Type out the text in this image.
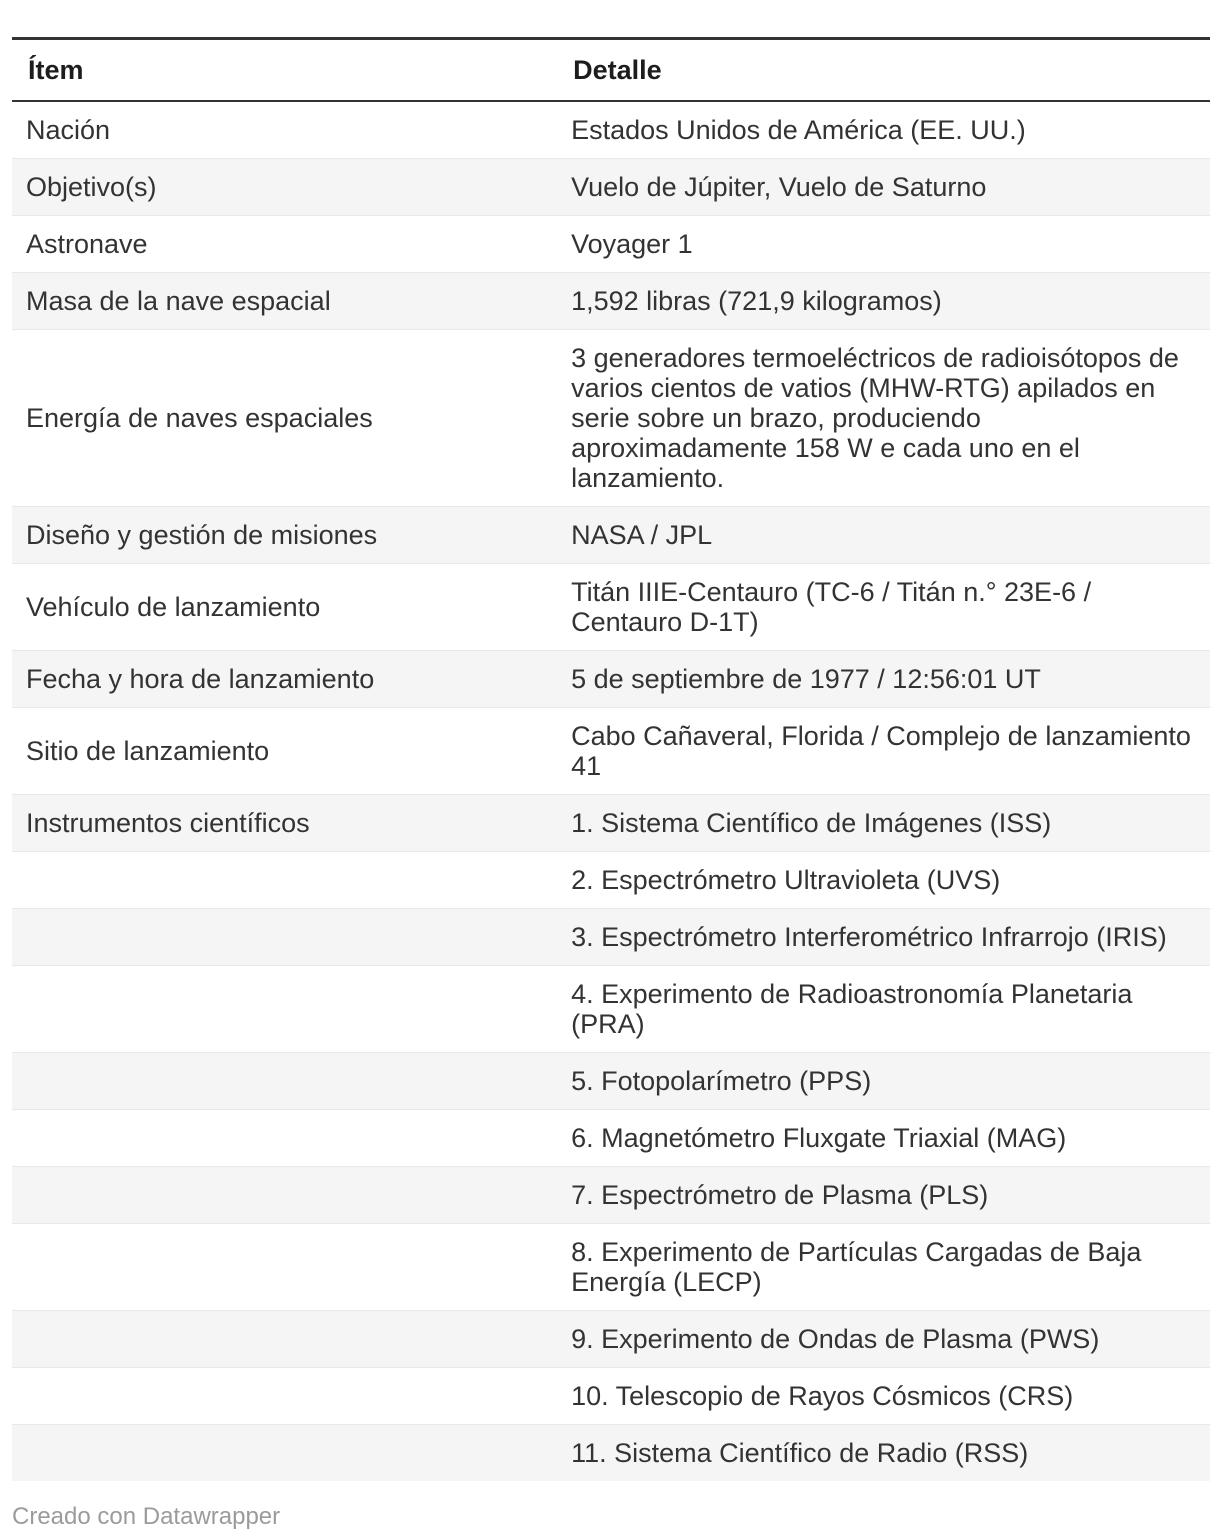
Ítem	Detalle
Nación	Estados Unidos de América (EE. UU.)
Objetivo(s)	Vuelo de Júpiter, Vuelo de Saturno
Astronave	Voyager 1
Masa de la nave espacial	1,592 libras (721,9 kilogramos)
Energía de naves espaciales	3 generadores termoeléctricos de radioisótopos de varios cientos de vatios (MHW-RTG) apilados en serie sobre un brazo, produciendo aproximadamente 158 W e cada uno en el lanzamiento.
Diseño y gestión de misiones	NASA / JPL
Vehículo de lanzamiento	Titán IIIE-Centauro (TC-6 / Titán n.° 23E-6 / Centauro D-1T)
Fecha y hora de lanzamiento	5 de septiembre de 1977 / 12:56:01 UT
Sitio de lanzamiento	Cabo Cañaveral, Florida / Complejo de lanzamiento 41
Instrumentos científicos	1. Sistema Científico de Imágenes (ISS)
	2. Espectrómetro Ultravioleta (UVS)
	3. Espectrómetro Interferométrico Infrarrojo (IRIS)
	4. Experimento de Radioastronomía Planetaria (PRA)
	5. Fotopolarímetro (PPS)
	6. Magnetómetro Fluxgate Triaxial (MAG)
	7. Espectrómetro de Plasma (PLS)
	8. Experimento de Partículas Cargadas de Baja Energía (LECP)
	9. Experimento de Ondas de Plasma (PWS)
	10. Telescopio de Rayos Cósmicos (CRS)
	11. Sistema Científico de Radio (RSS)
Creado con Datawrapper
